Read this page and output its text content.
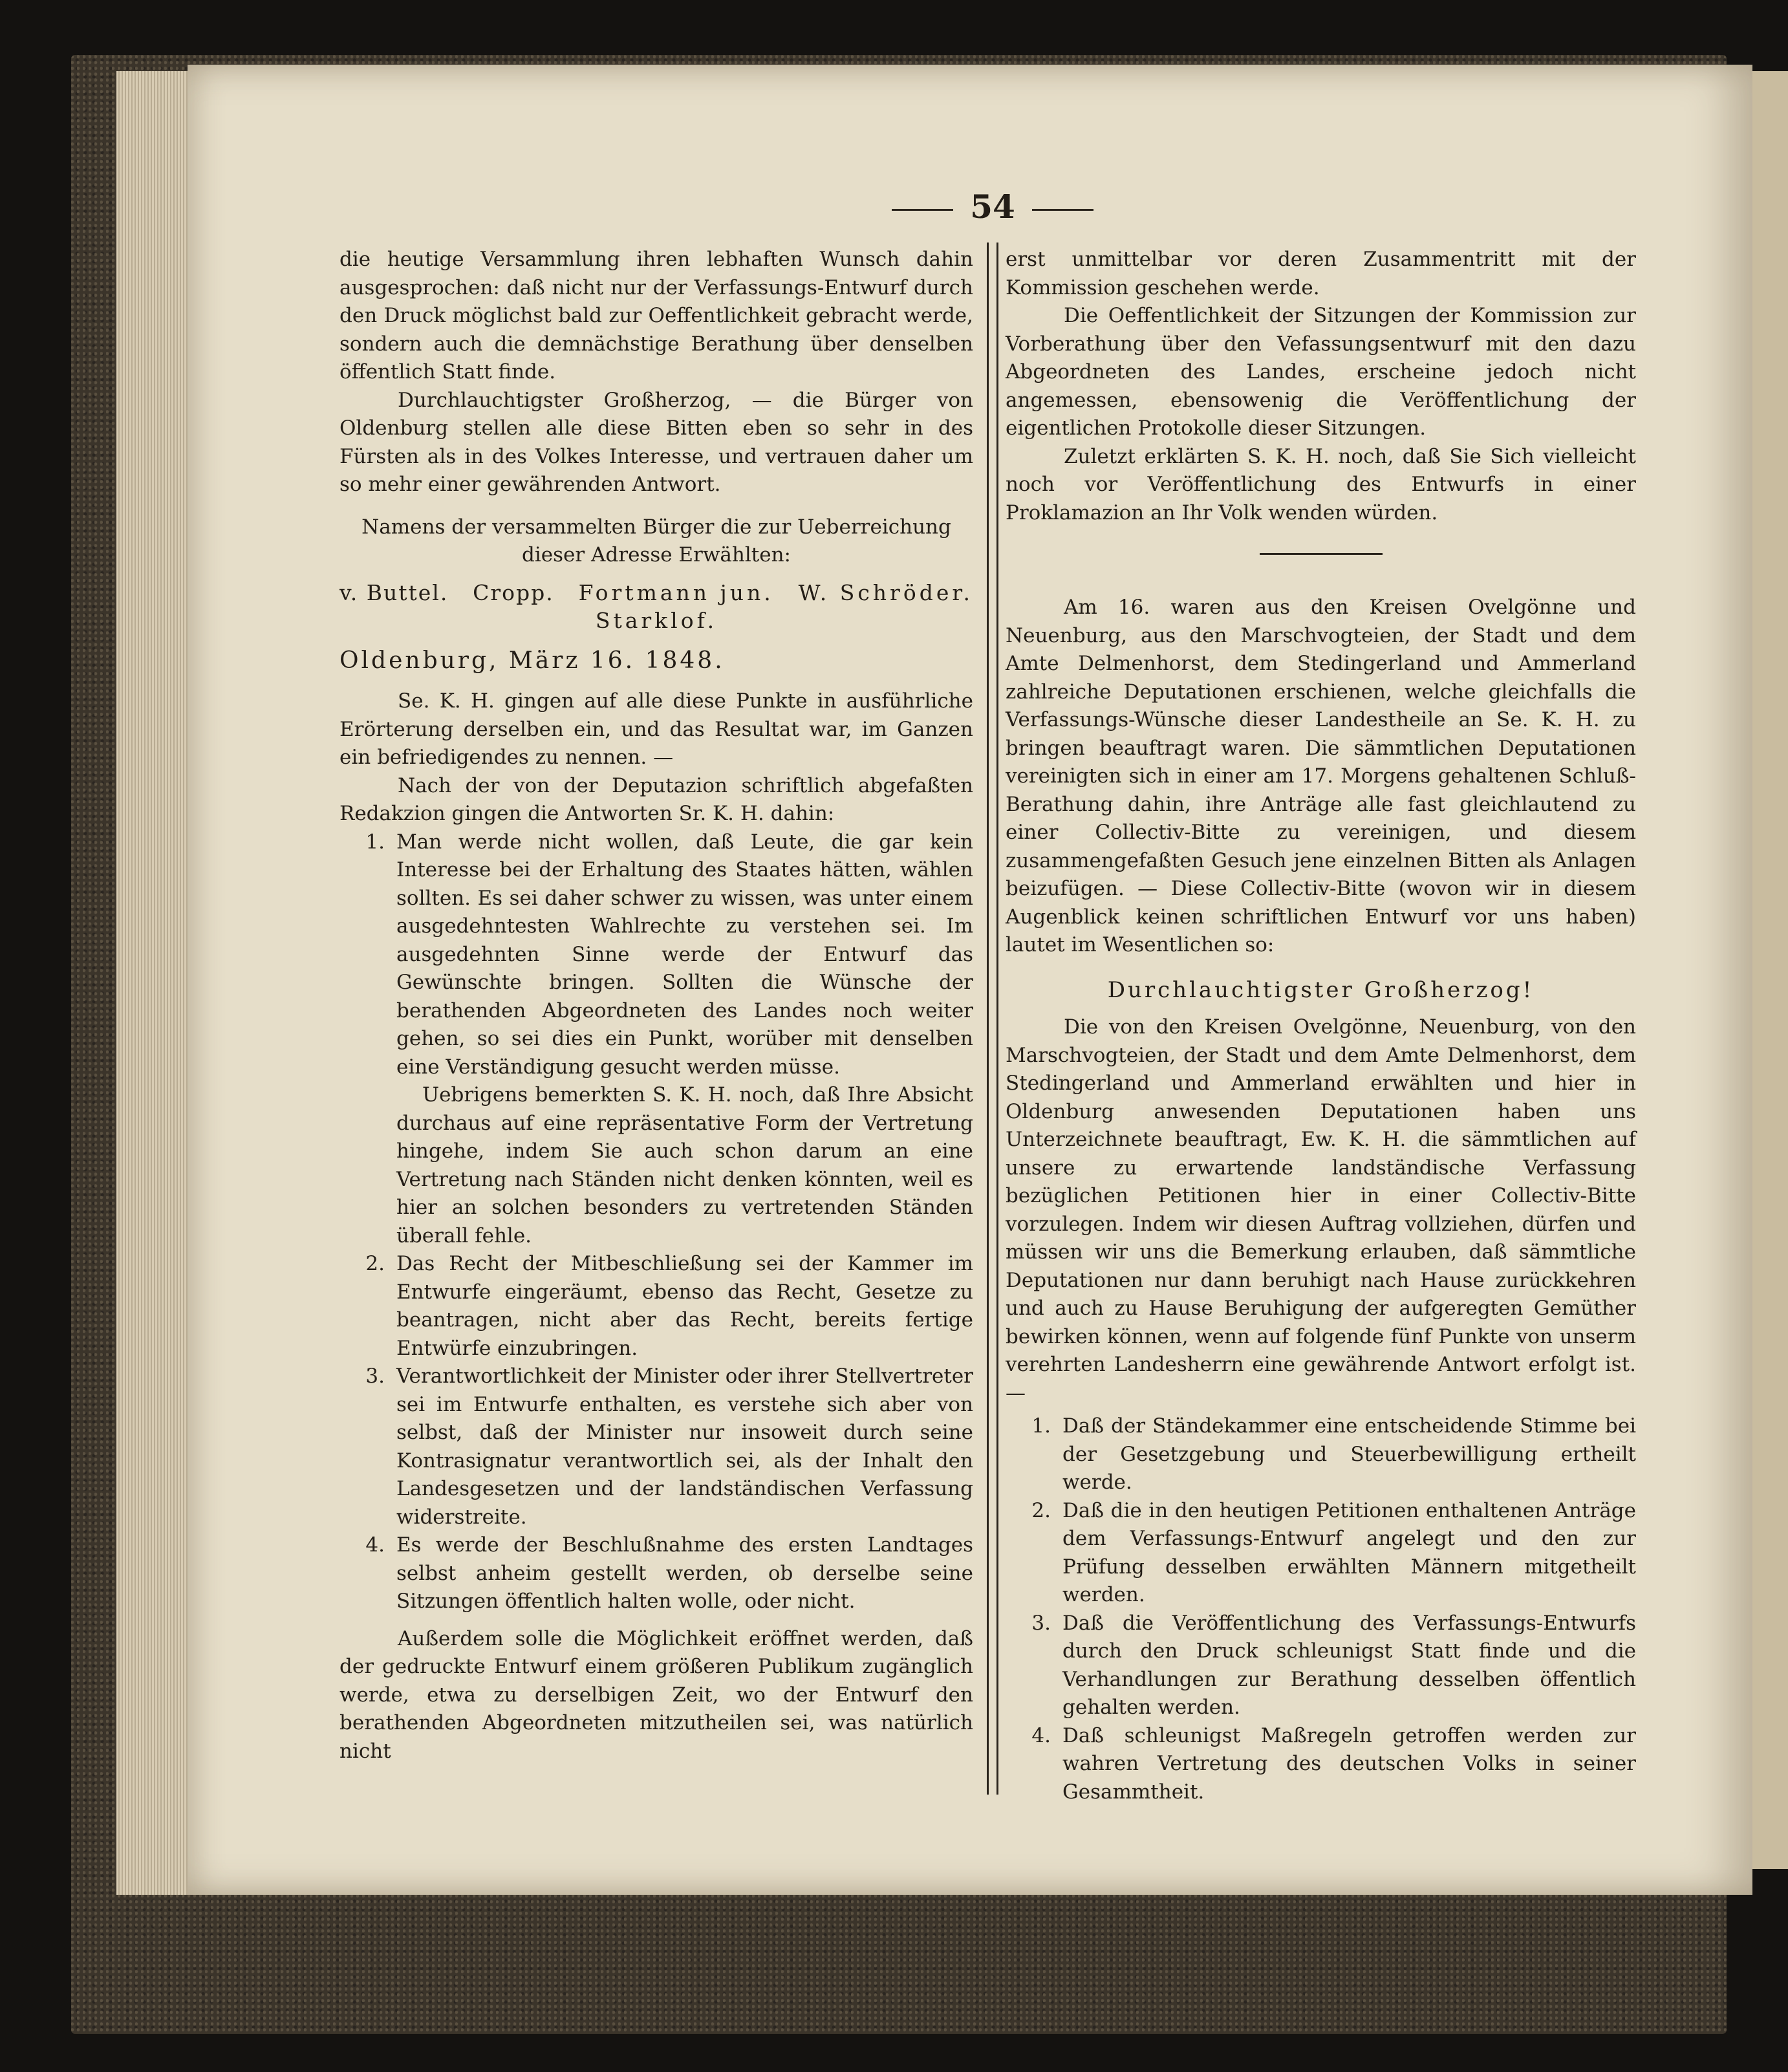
54

die heutige Versammlung ihren lebhaften Wunsch dahin ausgesprochen: daß nicht nur der Verfassungs-Entwurf durch den Druck möglichst bald zur Oeffentlichkeit gebracht werde, sondern auch die demnächstige Berathung über denselben öffentlich Statt finde.

Durchlauchtigster Großherzog, — die Bürger von Oldenburg stellen alle diese Bitten eben so sehr in des Fürsten als in des Volkes Interesse, und vertrauen daher um so mehr einer gewährenden Antwort.

Namens der versammelten Bürger die zur Ueberreichung dieser Adresse Erwählten:

v. Buttel. Cropp. Fortmann jun. W. Schröder.

Starklof.

Oldenburg, März 16. 1848.

Se. K. H. gingen auf alle diese Punkte in ausführliche Erörterung derselben ein, und das Resultat war, im Ganzen ein befriedigendes zu nennen. —

Nach der von der Deputazion schriftlich abgefaßten Redakzion gingen die Antworten Sr. K. H. dahin:

1. Man werde nicht wollen, daß Leute, die gar kein Interesse bei der Erhaltung des Staates hätten, wählen sollten. Es sei daher schwer zu wissen, was unter einem ausgedehntesten Wahlrechte zu verstehen sei. Im ausgedehnten Sinne werde der Entwurf das Gewünschte bringen. Sollten die Wünsche der berathenden Abgeordneten des Landes noch weiter gehen, so sei dies ein Punkt, worüber mit denselben eine Verständigung gesucht werden müsse.

Uebrigens bemerkten S. K. H. noch, daß Ihre Absicht durchaus auf eine repräsentative Form der Vertretung hingehe, indem Sie auch schon darum an eine Vertretung nach Ständen nicht denken könnten, weil es hier an solchen besonders zu vertretenden Ständen überall fehle.

2. Das Recht der Mitbeschließung sei der Kammer im Entwurfe eingeräumt, ebenso das Recht, Gesetze zu beantragen, nicht aber das Recht, bereits fertige Entwürfe einzubringen.
3. Verantwortlichkeit der Minister oder ihrer Stellvertreter sei im Entwurfe enthalten, es verstehe sich aber von selbst, daß der Minister nur insoweit durch seine Kontrasignatur verantwortlich sei, als der Inhalt den Landesgesetzen und der landständischen Verfassung widerstreite.
4. Es werde der Beschlußnahme des ersten Landtages selbst anheim gestellt werden, ob derselbe seine Sitzungen öffentlich halten wolle, oder nicht.

Außerdem solle die Möglichkeit eröffnet werden, daß der gedruckte Entwurf einem größeren Publikum zugänglich werde, etwa zu derselbigen Zeit, wo der Entwurf den berathenden Abgeordneten mitzutheilen sei, was natürlich nicht

erst unmittelbar vor deren Zusammentritt mit der Kommission geschehen werde.

Die Oeffentlichkeit der Sitzungen der Kommission zur Vorberathung über den Vefassungsentwurf mit den dazu Abgeordneten des Landes, erscheine jedoch nicht angemessen, ebensowenig die Veröffentlichung der eigentlichen Protokolle dieser Sitzungen.

Zuletzt erklärten S. K. H. noch, daß Sie Sich vielleicht noch vor Veröffentlichung des Entwurfs in einer Proklamazion an Ihr Volk wenden würden.

Am 16. waren aus den Kreisen Ovelgönne und Neuenburg, aus den Marschvogteien, der Stadt und dem Amte Delmenhorst, dem Stedingerland und Ammerland zahlreiche Deputationen erschienen, welche gleichfalls die Verfassungs-Wünsche dieser Landestheile an Se. K. H. zu bringen beauftragt waren. Die sämmtlichen Deputationen vereinigten sich in einer am 17. Morgens gehaltenen Schluß-Berathung dahin, ihre Anträge alle fast gleichlautend zu einer Collectiv-Bitte zu vereinigen, und diesem zusammengefaßten Gesuch jene einzelnen Bitten als Anlagen beizufügen. — Diese Collectiv-Bitte (wovon wir in diesem Augenblick keinen schriftlichen Entwurf vor uns haben) lautet im Wesentlichen so:

Durchlauchtigster Großherzog!

Die von den Kreisen Ovelgönne, Neuenburg, von den Marschvogteien, der Stadt und dem Amte Delmenhorst, dem Stedingerland und Ammerland erwählten und hier in Oldenburg anwesenden Deputationen haben uns Unterzeichnete beauftragt, Ew. K. H. die sämmtlichen auf unsere zu erwartende landständische Verfassung bezüglichen Petitionen hier in einer Collectiv-Bitte vorzulegen. Indem wir diesen Auftrag vollziehen, dürfen und müssen wir uns die Bemerkung erlauben, daß sämmtliche Deputationen nur dann beruhigt nach Hause zurückkehren und auch zu Hause Beruhigung der aufgeregten Gemüther bewirken können, wenn auf folgende fünf Punkte von unserm verehrten Landesherrn eine gewährende Antwort erfolgt ist. —

1. Daß der Ständekammer eine entscheidende Stimme bei der Gesetzgebung und Steuerbewilligung ertheilt werde.
2. Daß die in den heutigen Petitionen enthaltenen Anträge dem Verfassungs-Entwurf angelegt und den zur Prüfung desselben erwählten Männern mitgetheilt werden.
3. Daß die Veröffentlichung des Verfassungs-Entwurfs durch den Druck schleunigst Statt finde und die Verhandlungen zur Berathung desselben öffentlich gehalten werden.
4. Daß schleunigst Maßregeln getroffen werden zur wahren Vertretung des deutschen Volks in seiner Gesammtheit.
